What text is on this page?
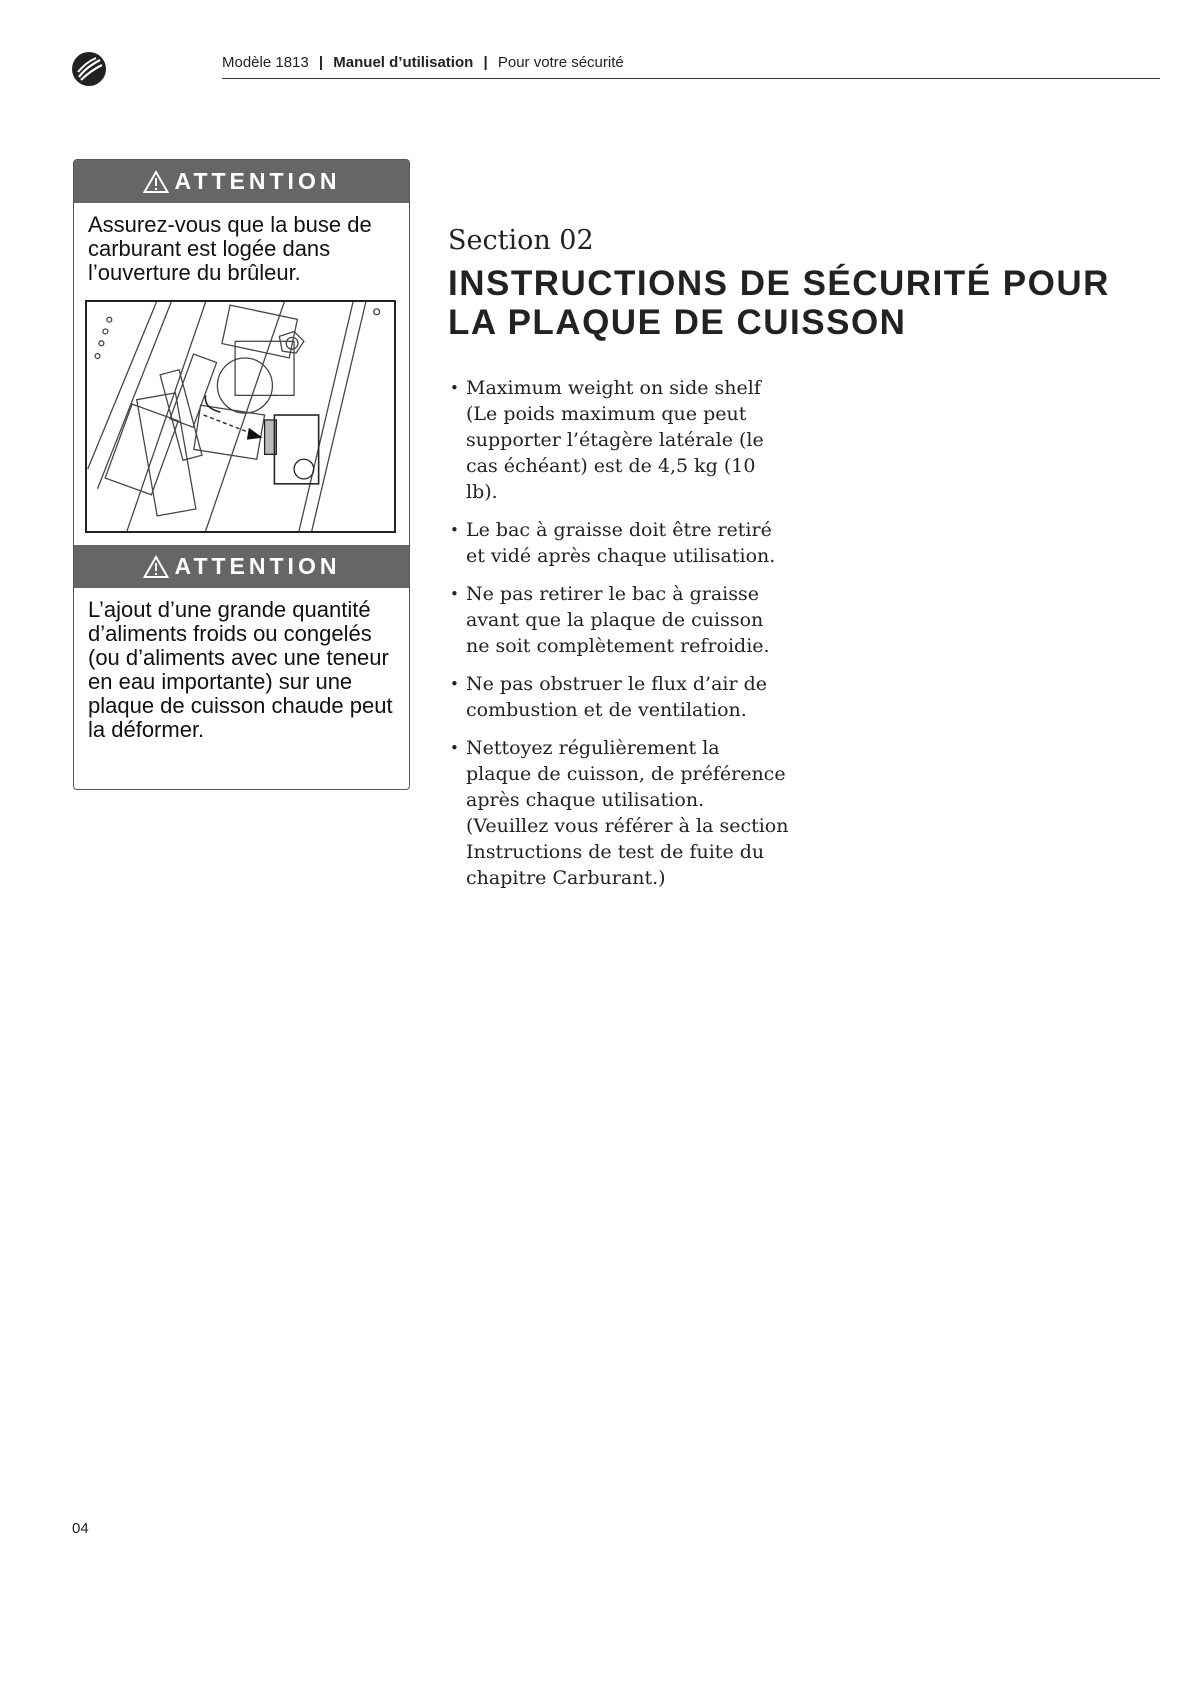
Modèle 1813 | Manuel d’utilisation | Pour votre sécurité
ATTENTION
Assurez-vous que la buse de carburant est logée dans l’ouverture du brûleur.
ATTENTION
L’ajout d’une grande quantité d’aliments froids ou congelés (ou d’aliments avec une teneur en eau importante) sur une plaque de cuisson chaude peut la déformer.
Section 02
INSTRUCTIONS DE SÉCURITÉ POUR LA PLAQUE DE CUISSON
• Maximum weight on side shelf (Le poids maximum que peut supporter l’étagère latérale (le cas échéant) est de 4,5 kg (10 lb).
• Le bac à graisse doit être retiré et vidé après chaque utilisation.
• Ne pas retirer le bac à graisse avant que la plaque de cuisson ne soit complètement refroidie.
• Ne pas obstruer le flux d’air de combustion et de ventilation.
• Nettoyez régulièrement la plaque de cuisson, de préférence après chaque utilisation. (Veuillez vous référer à la section Instructions de test de fuite du chapitre Carburant.)
04
